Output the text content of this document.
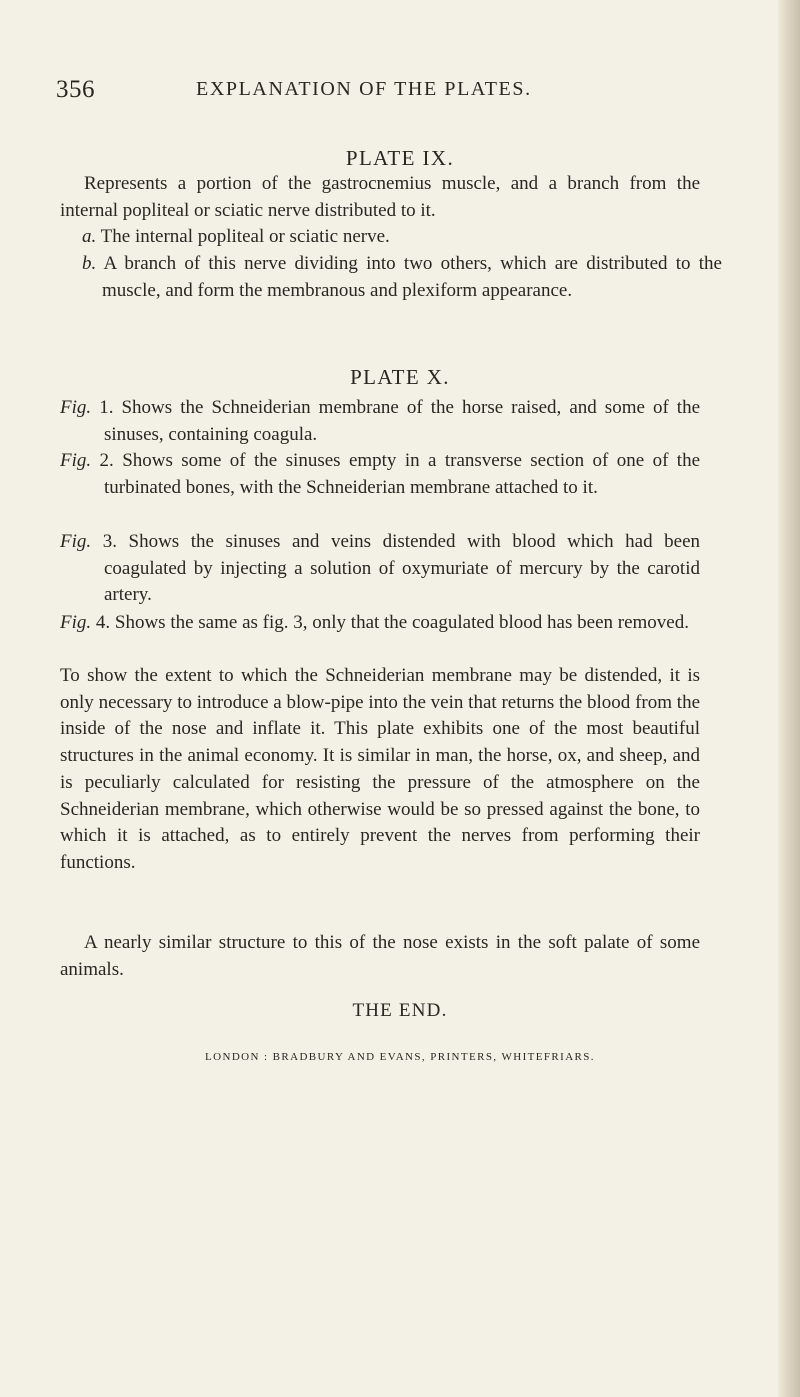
356	EXPLANATION OF THE PLATES.
PLATE IX.
Represents a portion of the gastrocnemius muscle, and a branch from the internal popliteal or sciatic nerve distributed to it.
a. The internal popliteal or sciatic nerve.
b. A branch of this nerve dividing into two others, which are distributed to the muscle, and form the membranous and plexiform appearance.
PLATE X.
Fig. 1. Shows the Schneiderian membrane of the horse raised, and some of the sinuses, containing coagula.
Fig. 2. Shows some of the sinuses empty in a transverse section of one of the turbinated bones, with the Schneiderian membrane attached to it.
Fig. 3. Shows the sinuses and veins distended with blood which had been coagulated by injecting a solution of oxymuriate of mercury by the carotid artery.
Fig. 4. Shows the same as fig. 3, only that the coagulated blood has been removed.
To show the extent to which the Schneiderian membrane may be distended, it is only necessary to introduce a blow-pipe into the vein that returns the blood from the inside of the nose and inflate it. This plate exhibits one of the most beautiful structures in the animal economy. It is similar in man, the horse, ox, and sheep, and is peculiarly calculated for resisting the pressure of the atmosphere on the Schneiderian membrane, which otherwise would be so pressed against the bone, to which it is attached, as to entirely prevent the nerves from performing their functions.
A nearly similar structure to this of the nose exists in the soft palate of some animals.
THE END.
LONDON : BRADBURY AND EVANS, PRINTERS, WHITEFRIARS.
